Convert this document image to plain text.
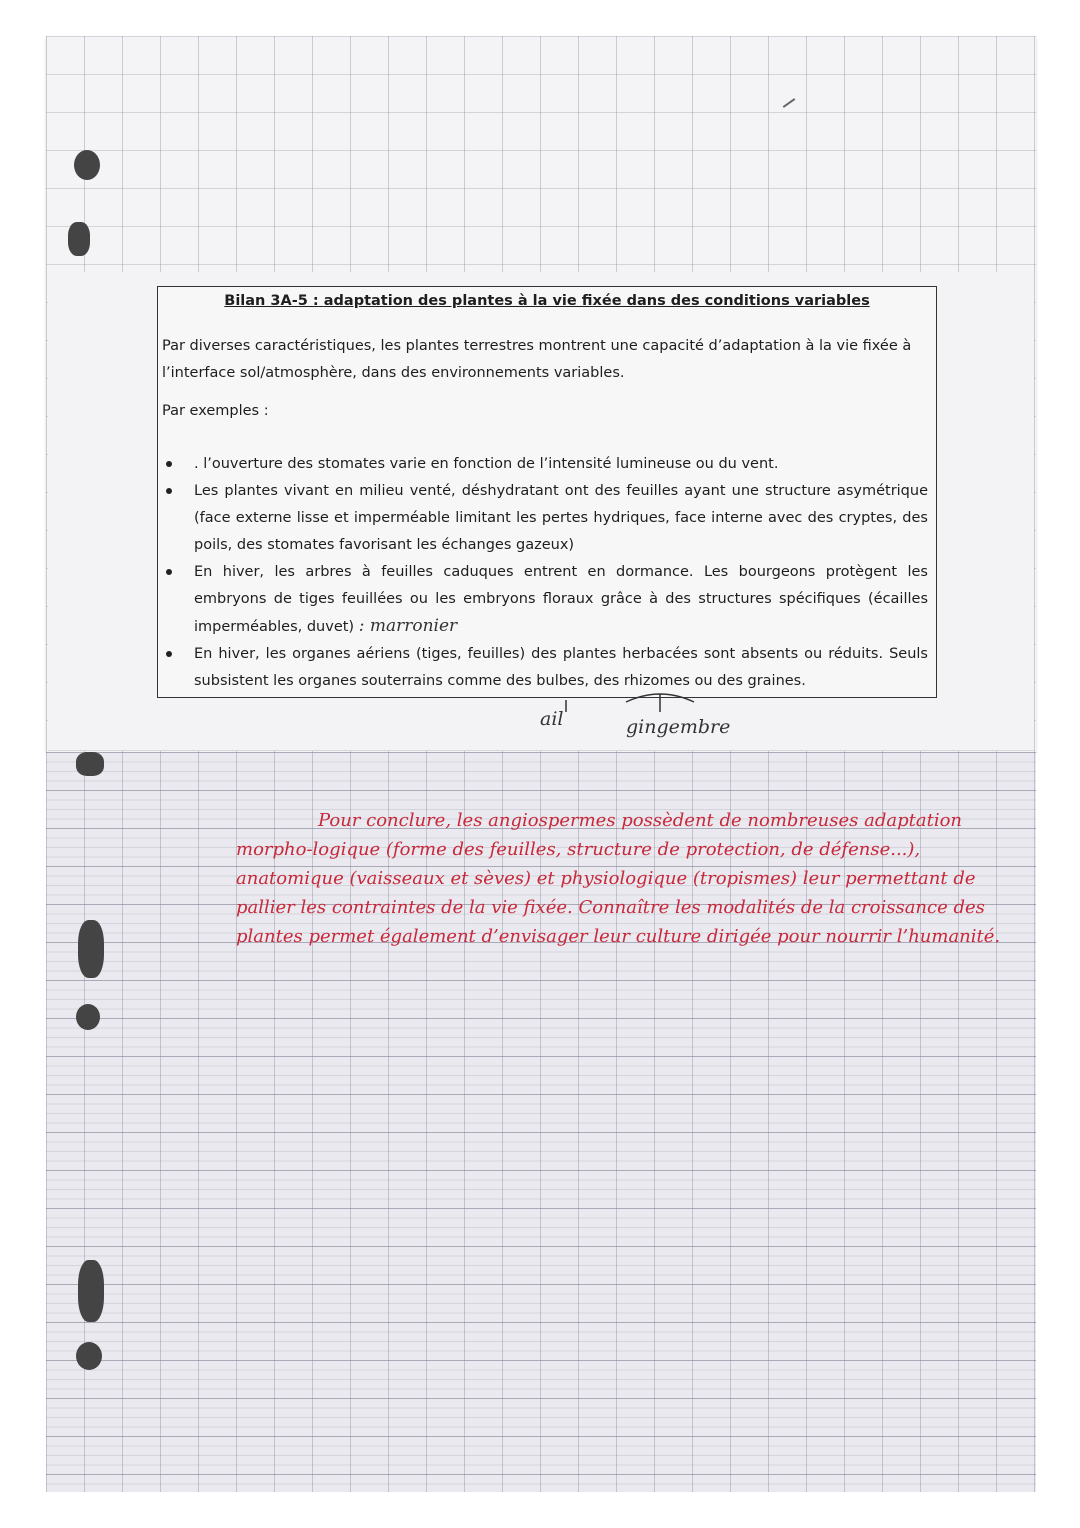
Bilan 3A-5 : adaptation des plantes à la vie fixée dans des conditions variables
Par diverses caractéristiques, les plantes terrestres montrent une capacité d’adaptation à la vie fixée à l’interface sol/atmosphère, dans des environnements variables.
Par exemples :
. l’ouverture des stomates varie en fonction de l’intensité lumineuse ou du vent.
Les plantes vivant en milieu venté, déshydratant ont des feuilles ayant une structure asymétrique (face externe lisse et imperméable limitant les pertes hydriques, face interne avec des cryptes, des poils, des stomates favorisant les échanges gazeux)
En hiver, les arbres à feuilles caduques entrent en dormance. Les bourgeons protègent les embryons de tiges feuillées ou les embryons floraux grâce à des structures spécifiques (écailles imperméables, duvet) : marronier
En hiver, les organes aériens (tiges, feuilles) des plantes herbacées sont absents ou réduits. Seuls subsistent les organes souterrains comme des bulbes, des rhizomes ou des graines.
ail	gingembre
Pour conclure, les angiospermes possèdent de nombreuses adaptation morpho-logique (forme des feuilles, structure de protection, de défense...), anatomique (vaisseaux et sèves) et physiologique (tropismes) leur permettant de pallier les contraintes de la vie fixée. Connaître les modalités de la croissance des plantes permet également d’envisager leur culture dirigée pour nourrir l’humanité.
